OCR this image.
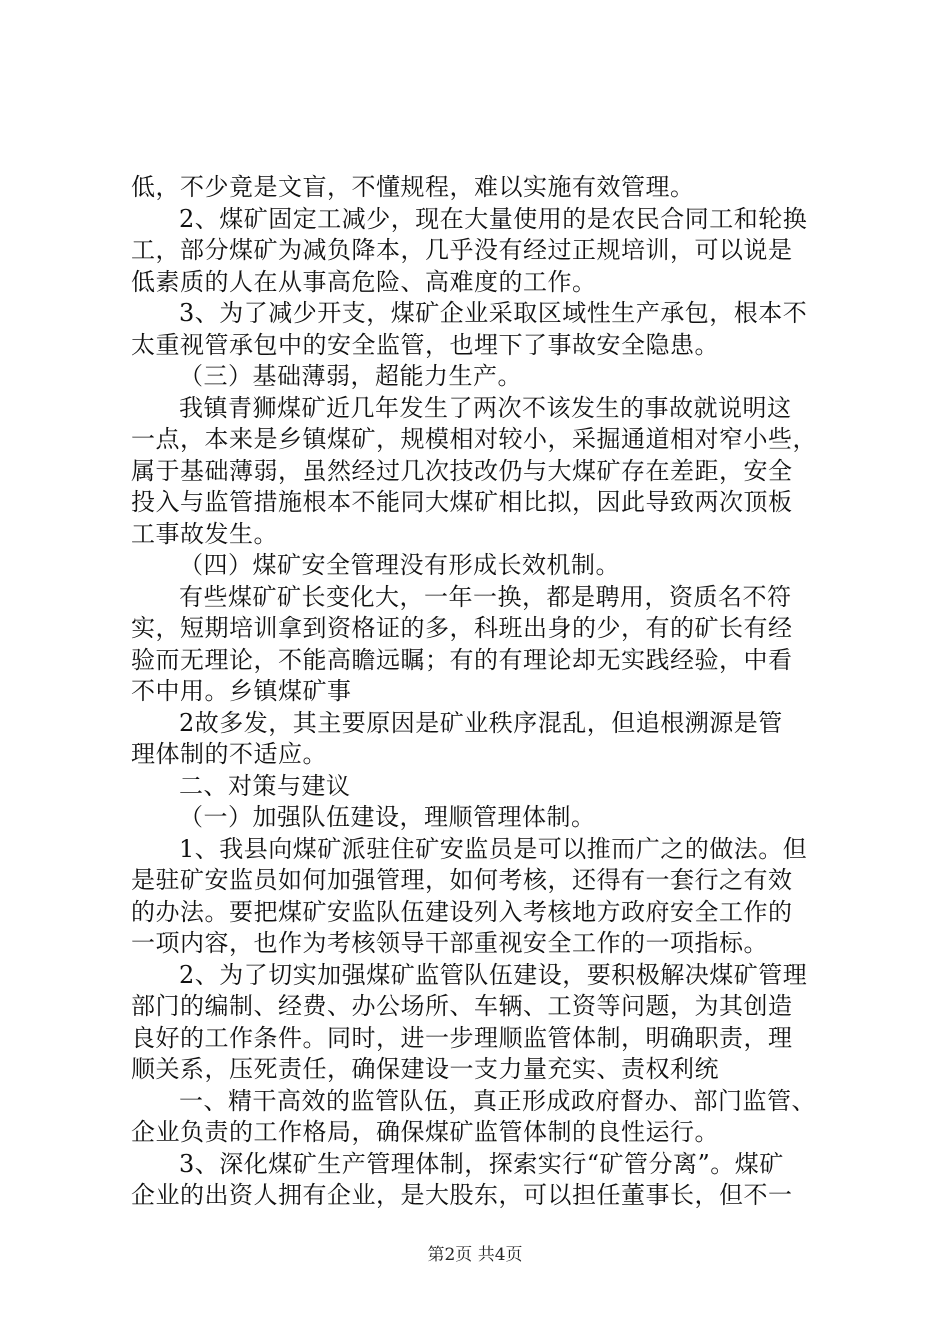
低，不少竟是文盲，不懂规程，难以实施有效管理。
2、煤矿固定工减少，现在大量使用的是农民合同工和轮换
工，部分煤矿为减负降本，几乎没有经过正规培训，可以说是
低素质的人在从事高危险、高难度的工作。
3、为了减少开支，煤矿企业采取区域性生产承包，根本不
太重视管承包中的安全监管，也埋下了事故安全隐患。
（三）基础薄弱，超能力生产。
我镇青狮煤矿近几年发生了两次不该发生的事故就说明这
一点，本来是乡镇煤矿，规模相对较小，采掘通道相对窄小些，
属于基础薄弱，虽然经过几次技改仍与大煤矿存在差距，安全
投入与监管措施根本不能同大煤矿相比拟，因此导致两次顶板
工事故发生。
（四）煤矿安全管理没有形成长效机制。
有些煤矿矿长变化大，一年一换，都是聘用，资质名不符
实，短期培训拿到资格证的多，科班出身的少，有的矿长有经
验而无理论，不能高瞻远瞩；有的有理论却无实践经验，中看
不中用。乡镇煤矿事
2故多发，其主要原因是矿业秩序混乱，但追根溯源是管
理体制的不适应。
二、对策与建议
（一）加强队伍建设，理顺管理体制。
1、我县向煤矿派驻住矿安监员是可以推而广之的做法。但
是驻矿安监员如何加强管理，如何考核，还得有一套行之有效
的办法。要把煤矿安监队伍建设列入考核地方政府安全工作的
一项内容，也作为考核领导干部重视安全工作的一项指标。
2、为了切实加强煤矿监管队伍建设，要积极解决煤矿管理
部门的编制、经费、办公场所、车辆、工资等问题，为其创造
良好的工作条件。同时，进一步理顺监管体制，明确职责，理
顺关系，压死责任，确保建设一支力量充实、责权利统
一、精干高效的监管队伍，真正形成政府督办、部门监管、
企业负责的工作格局，确保煤矿监管体制的良性运行。
3、深化煤矿生产管理体制，探索实行“矿管分离”。煤矿
企业的出资人拥有企业，是大股东，可以担任董事长，但不一
第2页 共4页
